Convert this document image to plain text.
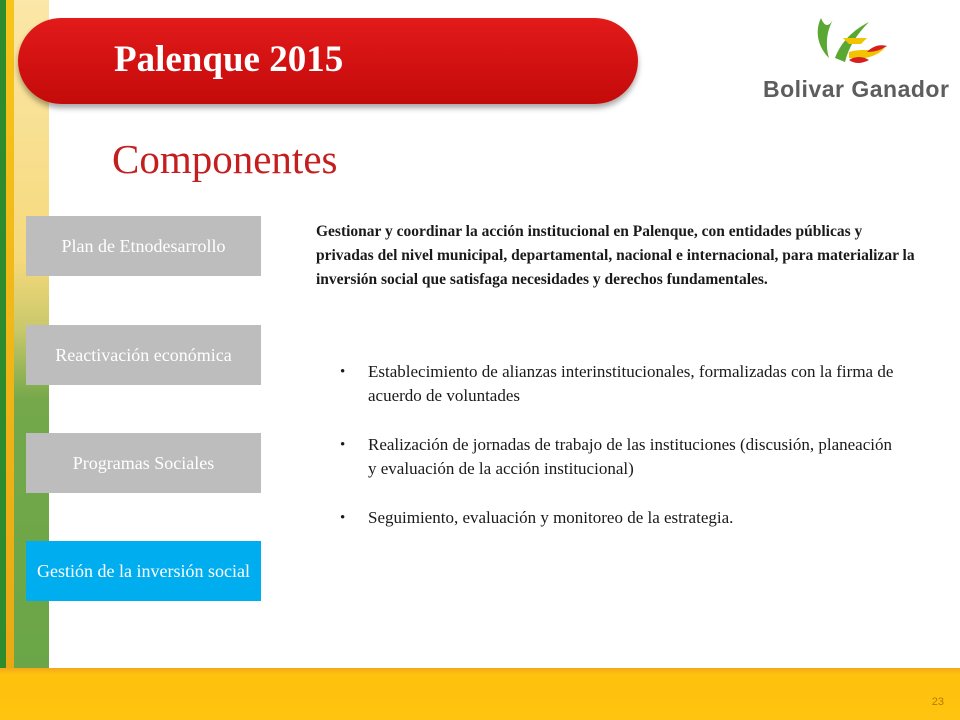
Palenque 2015
Bolivar Ganador
Componentes
Plan de Etnodesarrollo
Reactivación económica
Programas Sociales
Gestión de la inversión social
Gestionar y coordinar la acción institucional en Palenque, con entidades públicas y privadas del nivel municipal, departamental, nacional e internacional, para materializar la inversión social que satisfaga necesidades y derechos fundamentales.
• Establecimiento de alianzas interinstitucionales, formalizadas con la firma de acuerdo de voluntades
• Realización de jornadas de trabajo de las instituciones (discusión, planeación y evaluación de la acción institucional)
• Seguimiento, evaluación y monitoreo de la estrategia.
23
